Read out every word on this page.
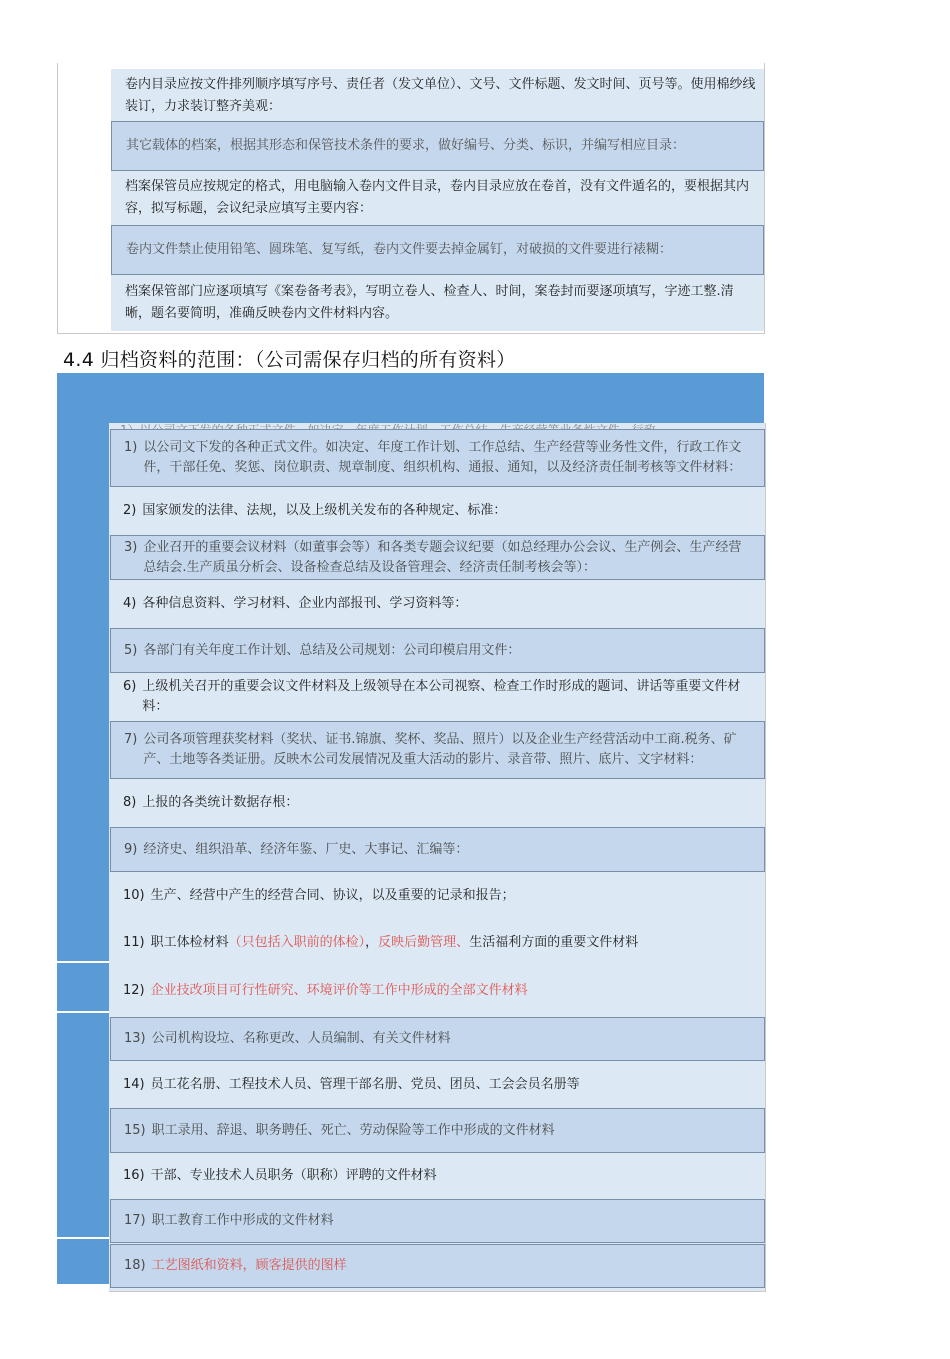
卷内目录应按文件排列顺序填写序号、责任者（发文单位）、文号、文件标题、发文时间、页号等。使用棉纱线装订，力求装订整齐美观：
其它载体的档案，根据其形态和保管技术条件的要求，做好编号、分类、标识，并编写相应目录：
档案保管员应按规定的格式，用电脑输入卷内文件目录，卷内目录应放在卷首，没有文件遁名的，要根据其内容，拟写标题，会议纪录应填写主要内容：
卷内文件禁止使用铅笔、圆珠笔、复写纸，卷内文件要去掉金属钉，对破损的文件要进行裱糊：
档案保管部门应逐项填写《案卷备考表》，写明立卷人、检查人、时间，案卷封而要逐项填写，字迹工整.清晰，题名要简明，准确反映卷内文件材料内容。
4.4 归档资料的范围：（公司需保存归档的所有资料）
1) 以公司文下发的各种正式文件。如决定、年度工作计划、工作总结、生产经营等业务性文件，行政工作文件，干部任免、奖惩、岗位职责、规章制度、组织机构、通报、通知，以及经济责任制考核等文件材料：
2) 国家颁发的法律、法规，以及上级机关发布的各种规定、标准：
3) 企业召开的重要会议材料（如董事会等）和各类专题会议纪要（如总经理办公会议、生产例会、生产经营总结会.生产质虽分析会、设备检查总结及设备管理会、经济责任制考核会等）：
4) 各种信息资料、学习材料、企业内部报刊、学习资料等：
5) 各部门有关年度工作计划、总结及公司规划：公司印模启用文件：
6) 上级机关召开的重要会议文件材料及上级领导在本公司视察、检查工作时形成的题词、讲话等重要文件材料：
7) 公司各项管理获奖材料（奖状、证书.锦旗、奖杯、奖品、照片）以及企业生产经营活动中工商.税务、矿产、土地等各类证册。反映木公司发展情况及重大活动的影片、录音带、照片、底片、文字材料：
8) 上报的各类统计数据存根：
9) 经济史、组织沿革、经济年鉴、厂史、大事记、汇编等：
10) 生产、经营中产生的经营合同、协议，以及重要的记录和报告；
11) 职工体检材料（只包括入职前的体检），反映后勤管理、生活福利方面的重要文件材料
12) 企业技改项目可行性研究、环境评价等工作中形成的全部文件材料
13) 公司机构设垃、名称更改、人员编制、有关文件材料
14) 员工花名册、工程技术人员、管理干部名册、党员、团员、工会会员名册等
15) 职工录用、辞退、职务聘任、死亡、劳动保险等工作中形成的文件材料
16) 干部、专业技术人员职务（职称）评聘的文件材料
17) 职工教育工作中形成的文件材料
18) 工艺图纸和资料，顾客提供的图样
